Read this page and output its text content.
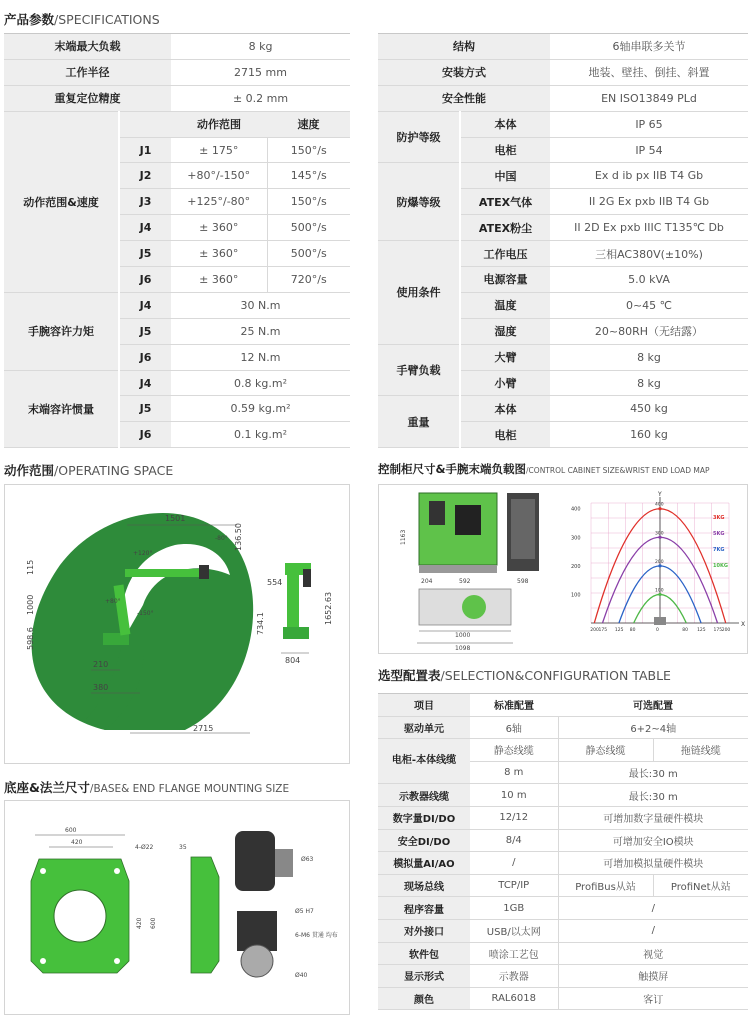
产品参数/SPECIFICATIONS
末端最大负载		8 kg	
工作半径		2715 mm	
重复定位精度		± 0.2 mm	
动作范围&速度		动作范围	速度
	J1	± 175°	150°/s
	J2	+80°/-150°	145°/s
	J3	+125°/-80°	150°/s
	J4	± 360°	500°/s
	J5	± 360°	500°/s
	J6	± 360°	720°/s
手腕容许力矩	J4	30 N.m	
	J5	25 N.m	
	J6	12 N.m	
末端容许惯量	J4	0.8 kg.m²	
	J5	0.59 kg.m²	
	J6	0.1 kg.m²	
结构		6轴串联多关节
安装方式		地装、壁挂、倒挂、斜置
安全性能		EN ISO13849 PLd
防护等级	本体	IP 65
	电柜	IP 54
防爆等级	中国	Ex d ib px IIB T4 Gb
	ATEX气体	II 2G Ex pxb IIB T4 Gb
	ATEX粉尘	II 2D Ex pxb IIIC T135℃ Db
使用条件	工作电压	三相AC380V(±10%)
	电源容量	5.0 kVA
	温度	0~45 ℃
	湿度	20~80RH（无结露）
手臂负载	大臂	8 kg
	小臂	8 kg
重量	本体	450 kg
	电柜	160 kg
动作范围/OPERATING SPACE
1501
136.50
115
1000
598.6
210
380
2715
+120°
+80°
-150°
-80°
554
734.1	1652.63
804
控制柜尺寸&手腕末端负载图/CONTROL CABINET SIZE&WRIST END LOAD MAP
1163
204	592	598
1000
1098
X
Y
400
300
200
100
200 175 125 80	0	80 125 175 200
400
3KG
300	5KG
200
7KG
100
10KG
底座&法兰尺寸/BASE& END FLANGE MOUNTING SIZE
600
420
4-Ø22
420 600
35
6-M6 贯通 均布
Ø40
Ø5 H7
Ø63
选型配置表/SELECTION&CONFIGURATION TABLE
项目	标准配置	可选配置	
驱动单元	6轴	6+2~4轴	
电柜-本体线缆	静态线缆	静态线缆	拖链线缆
	8 m	最长:30 m	
示教器线缆	10 m	最长:30 m	
数字量DI/DO	12/12	可增加数字量硬件模块	
安全DI/DO	8/4	可增加安全IO模块	
模拟量AI/AO	/	可增加模拟量硬件模块	
现场总线	TCP/IP	ProfiBus从站	ProfiNet从站
程序容量	1GB	/	
对外接口	USB/以太网	/	
软件包	喷涂工艺包	视觉	
显示形式	示教器	触摸屏	
颜色	RAL6018	客订	
